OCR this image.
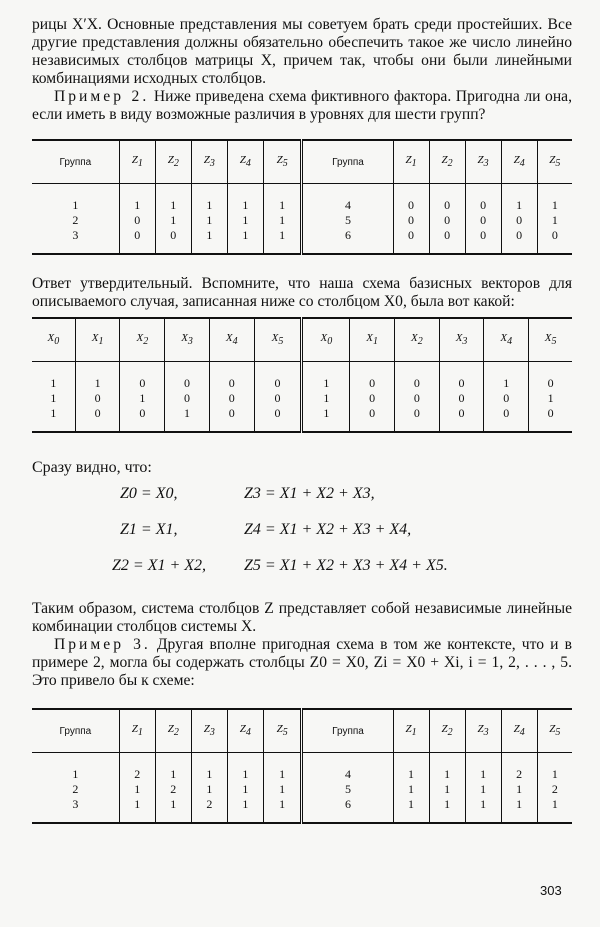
рицы X′X. Основные представления мы советуем брать среди простейших. Все другие представления должны обязательно обеспечить такое же число линейно независимых столбцов матрицы X, причем так, чтобы они были линейными комбинациями исходных столбцов.

Пример 2. Ниже приведена схема фиктивного фактора. Пригодна ли она, если иметь в виду возможные различия в уровнях для шести групп?

Группа	$Z_1$	$Z_2$	$Z_3$	$Z_4$	$Z_5$	Группа	$Z_1$	$Z_2$	$Z_3$	$Z_4$	$Z_5$
1	1	1	1	1	1	4	0	0	0	1	1
2	0	1	1	1	1	5	0	0	0	0	1
3	0	0	1	1	1	6	0	0	0	0	0

Ответ утвердительный. Вспомните, что наша схема базисных векторов для описываемого случая, записанная ниже со столбцом X0, была вот какой:

$X_0$	$X_1$	$X_2$	$X_3$	$X_4$	$X_5$	$X_0$	$X_1$	$X_2$	$X_3$	$X_4$	$X_5$
1	1	0	0	0	0	1	0	0	0	1	0
1	0	1	0	0	0	1	0	0	0	0	1
1	0	0	1	0	0	1	0	0	0	0	0

Сразу видно, что:

Z0 = X0,
Z1 = X1,
Z2 = X1 + X2,
Z3 = X1 + X2 + X3,
Z4 = X1 + X2 + X3 + X4,
Z5 = X1 + X2 + X3 + X4 + X5.

Таким образом, система столбцов Z представляет собой независимые линейные комбинации столбцов системы X.

Пример 3. Другая вполне пригодная схема в том же контексте, что и в примере 2, могла бы содержать столбцы Z0 = X0, Zi = X0 + Xi, i = 1, 2, . . . , 5. Это привело бы к схеме:

Группа	$Z_1$	$Z_2$	$Z_3$	$Z_4$	$Z_5$	Группа	$Z_1$	$Z_2$	$Z_3$	$Z_4$	$Z_5$
1	2	1	1	1	1	4	1	1	1	2	1
2	1	2	1	1	1	5	1	1	1	1	2
3	1	1	2	1	1	6	1	1	1	1	1
303
